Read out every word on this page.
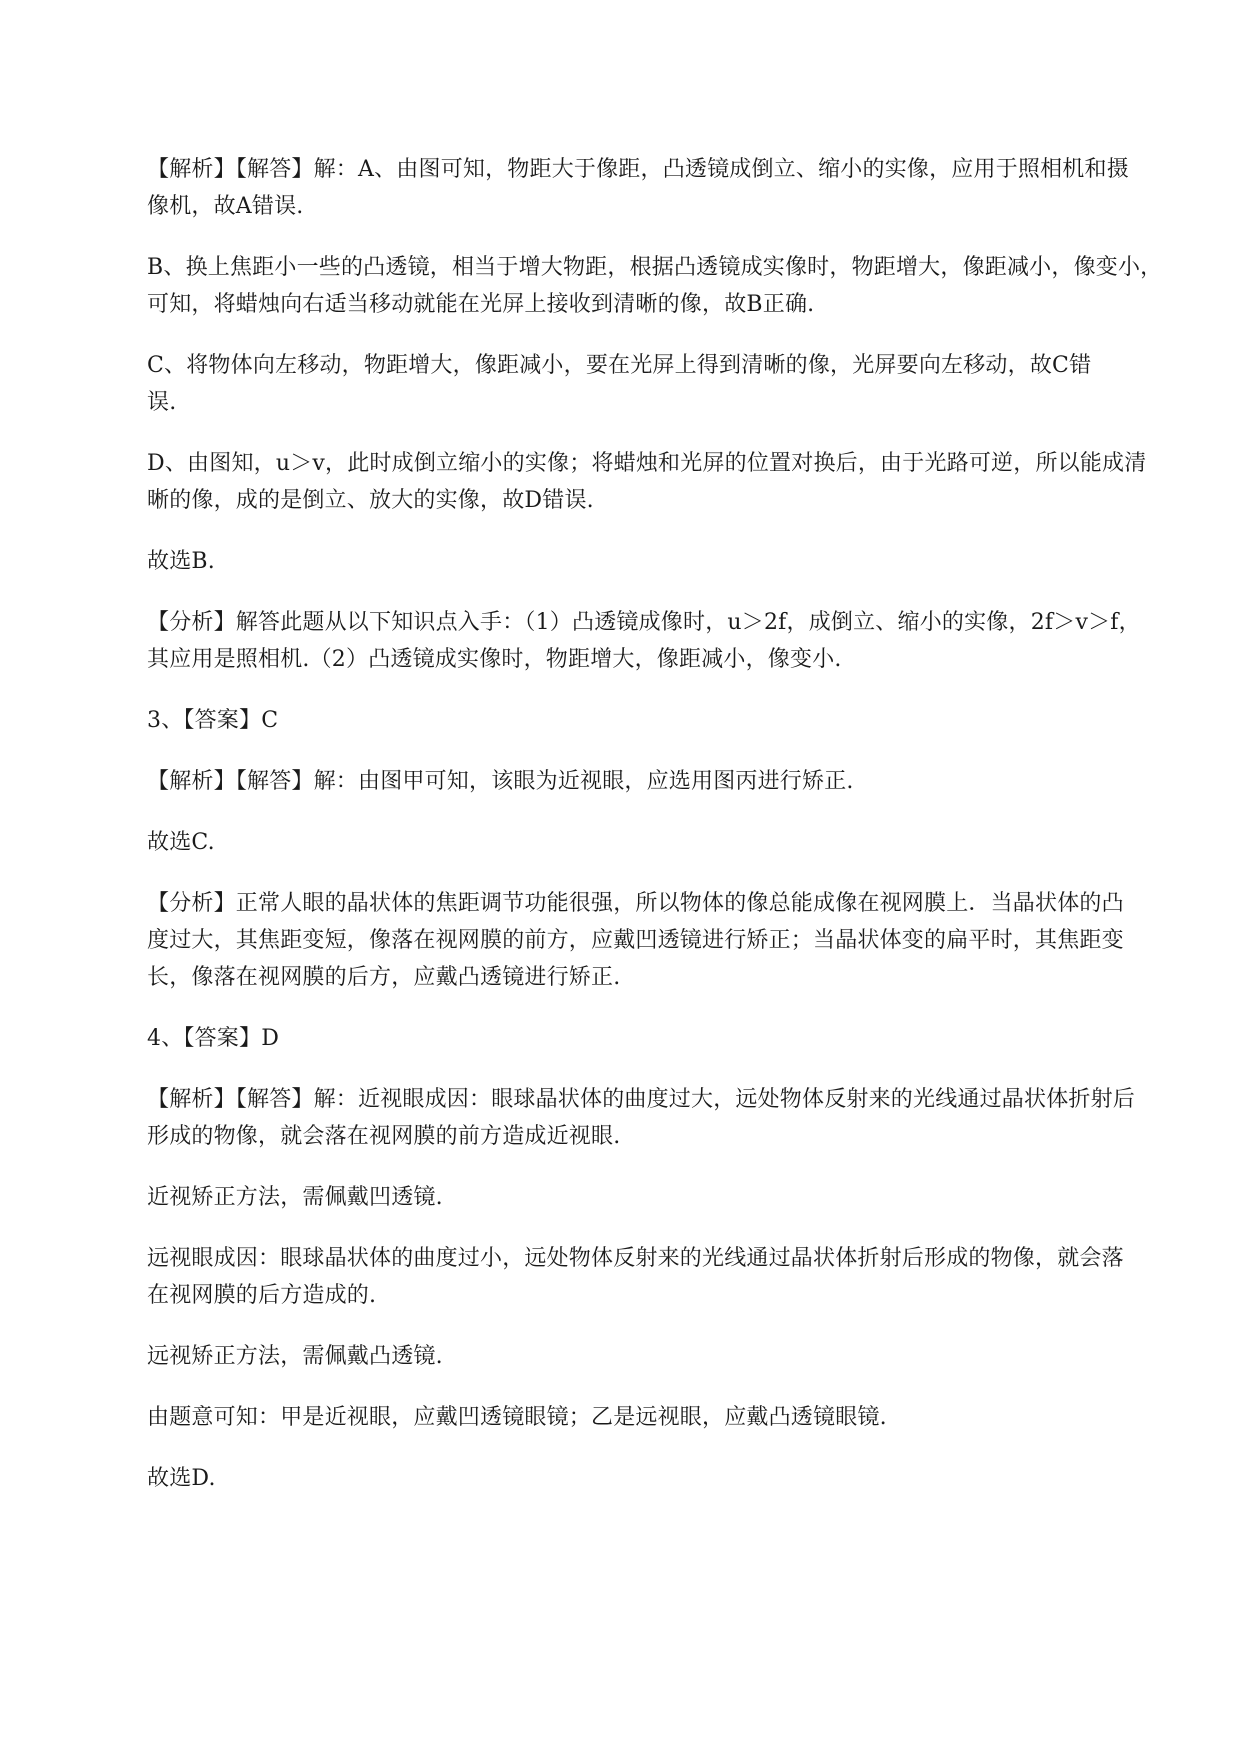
【解析】【解答】解：A、由图可知，物距大于像距，凸透镜成倒立、缩小的实像，应用于照相机和摄
像机，故A错误.

B、换上焦距小一些的凸透镜，相当于增大物距，根据凸透镜成实像时，物距增大，像距减小，像变小，
可知，将蜡烛向右适当移动就能在光屏上接收到清晰的像，故B正确.

C、将物体向左移动，物距增大，像距减小，要在光屏上得到清晰的像，光屏要向左移动，故C错
误.

D、由图知，u＞v，此时成倒立缩小的实像；将蜡烛和光屏的位置对换后，由于光路可逆，所以能成清
晰的像，成的是倒立、放大的实像，故D错误.

故选B.

【分析】解答此题从以下知识点入手：（1）凸透镜成像时，u＞2f，成倒立、缩小的实像，2f＞v＞f，
其应用是照相机.（2）凸透镜成实像时，物距增大，像距减小，像变小.

3、【答案】C

【解析】【解答】解：由图甲可知，该眼为近视眼，应选用图丙进行矫正.

故选C.

【分析】正常人眼的晶状体的焦距调节功能很强，所以物体的像总能成像在视网膜上．当晶状体的凸
度过大，其焦距变短，像落在视网膜的前方，应戴凹透镜进行矫正；当晶状体变的扁平时，其焦距变
长，像落在视网膜的后方，应戴凸透镜进行矫正.

4、【答案】D

【解析】【解答】解：近视眼成因：眼球晶状体的曲度过大，远处物体反射来的光线通过晶状体折射后
形成的物像，就会落在视网膜的前方造成近视眼.

近视矫正方法，需佩戴凹透镜.

远视眼成因：眼球晶状体的曲度过小，远处物体反射来的光线通过晶状体折射后形成的物像，就会落
在视网膜的后方造成的.

远视矫正方法，需佩戴凸透镜.

由题意可知：甲是近视眼，应戴凹透镜眼镜；乙是远视眼，应戴凸透镜眼镜.

故选D.
